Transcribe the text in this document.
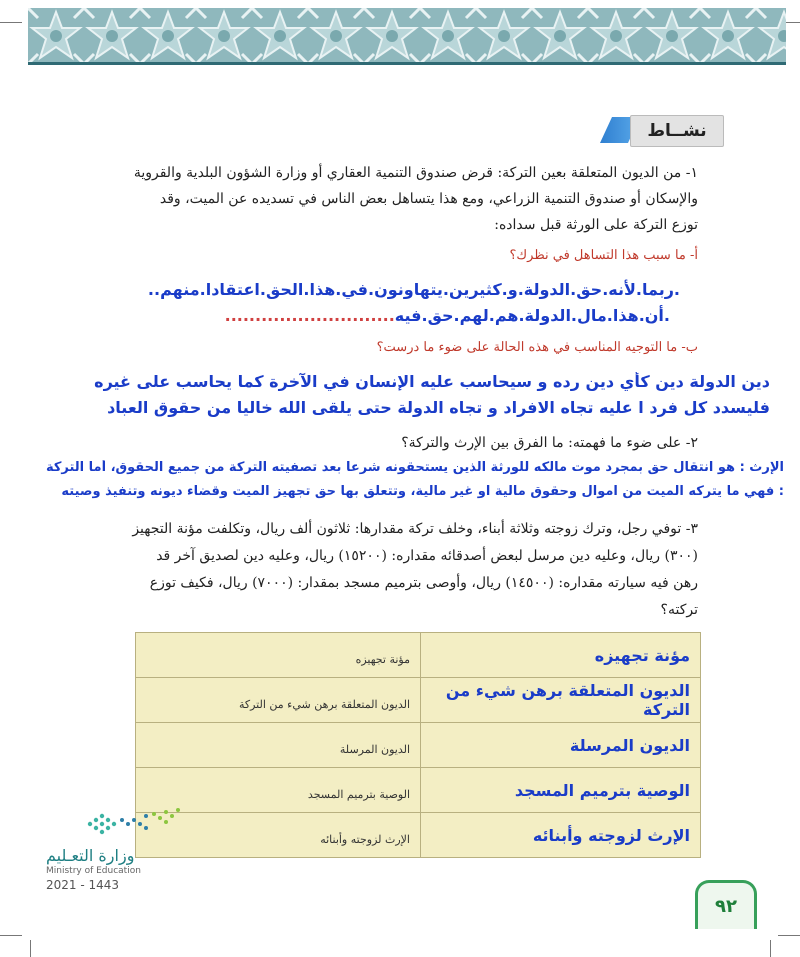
نشــاط
١- من الديون المتعلقة بعين التركة: قرض صندوق التنمية العقاري أو وزارة الشؤون البلدية والقروية والإسكان أو صندوق التنمية الزراعي، ومع هذا يتساهل بعض الناس في تسديده عن الميت، وقد توزع التركة على الورثة قبل سداده:
أ- ما سبب هذا التساهل في نظرك؟
.ربما.لأنه.حق.الدولة.و.كثيرين.يتهاونون.في.هذا.الحق.اعتقادا.منهم..
.أن.هذا.مال.الدولة.هم.لهم.حق.فيه............................
ب- ما التوجيه المناسب في هذه الحالة على ضوء ما درست؟
دين الدولة دين كأي دين رده و سيحاسب عليه الإنسان في الآخرة كما يحاسب على غيره
فليسدد كل فرد ا عليه تجاه الافراد و تجاه الدولة حتى يلقى الله خاليا من حقوق العباد
٢- على ضوء ما فهمته: ما الفرق بين الإرث والتركة؟
الإرث : هو انتقال حق بمجرد موت مالكه للورثة الذين يستحقونه شرعا بعد تصفيته التركة من جميع الحقوق، أما التركة
: فهي ما يتركه الميت من اموال وحقوق مالية او غير مالية، وتتعلق بها حق تجهيز الميت وقضاء ديونه وتنفيذ وصيته
٣- توفي رجل، وترك زوجته وثلاثة أبناء، وخلف تركة مقدارها: ثلاثون ألف ريال، وتكلفت مؤنة التجهيز (٣٠٠) ريال، وعليه دين مرسل لبعض أصدقائه مقداره: (١٥٢٠٠) ريال، وعليه دين لصديق آخر قد رهن فيه سيارته مقداره: (١٤٥٠٠) ريال، وأوصى بترميم مسجد بمقدار: (٧٠٠٠) ريال، فكيف توزع تركته؟
مؤنة تجهيزه	مؤنة تجهيزه
الديون المتعلقة برهن شيء من التركة	الديون المتعلقة برهن شيء من التركة
الديون المرسلة	الديون المرسلة
الوصية بترميم المسجد	الوصية بترميم المسجد
الإرث لزوجته وأبنائه	الإرث لزوجته وأبنائه
وزارة التعـليم
Ministry of Education
2021 - 1443
٩٢
